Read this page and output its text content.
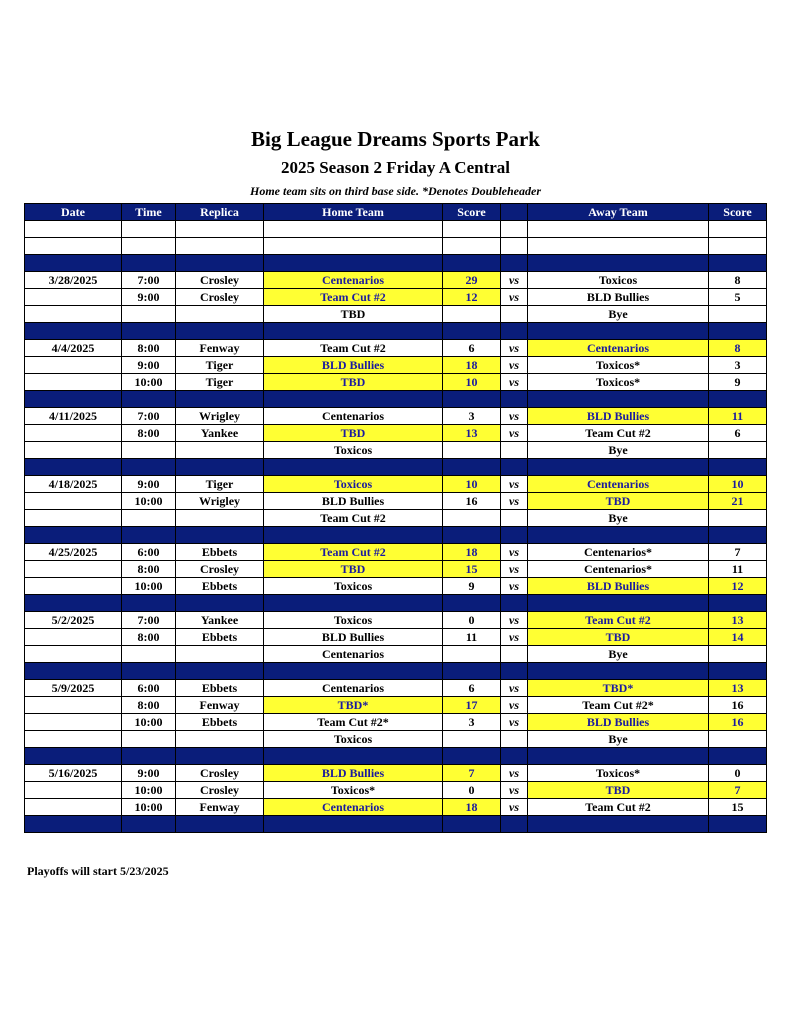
Big League Dreams Sports Park
2025 Season 2 Friday A Central
Home team sits on third base side. *Denotes Doubleheader
Date	Time	Replica	Home Team	Score		Away Team	Score

3/28/2025	7:00	Crosley	Centenarios	29	vs	Toxicos	8
	9:00	Crosley	Team Cut #2	12	vs	BLD Bullies	5
			TBD			Bye	

4/4/2025	8:00	Fenway	Team Cut #2	6	vs	Centenarios	8
	9:00	Tiger	BLD Bullies	18	vs	Toxicos*	3
	10:00	Tiger	TBD	10	vs	Toxicos*	9

4/11/2025	7:00	Wrigley	Centenarios	3	vs	BLD Bullies	11
	8:00	Yankee	TBD	13	vs	Team Cut #2	6
			Toxicos			Bye	

4/18/2025	9:00	Tiger	Toxicos	10	vs	Centenarios	10
	10:00	Wrigley	BLD Bullies	16	vs	TBD	21
			Team Cut #2			Bye	

4/25/2025	6:00	Ebbets	Team Cut #2	18	vs	Centenarios*	7
	8:00	Crosley	TBD	15	vs	Centenarios*	11
	10:00	Ebbets	Toxicos	9	vs	BLD Bullies	12

5/2/2025	7:00	Yankee	Toxicos	0	vs	Team Cut #2	13
	8:00	Ebbets	BLD Bullies	11	vs	TBD	14
			Centenarios			Bye	

5/9/2025	6:00	Ebbets	Centenarios	6	vs	TBD*	13
	8:00	Fenway	TBD*	17	vs	Team Cut #2*	16
	10:00	Ebbets	Team Cut #2*	3	vs	BLD Bullies	16
			Toxicos			Bye	

5/16/2025	9:00	Crosley	BLD Bullies	7	vs	Toxicos*	0
	10:00	Crosley	Toxicos*	0	vs	TBD	7
	10:00	Fenway	Centenarios	18	vs	Team Cut #2	15

Playoffs will start 5/23/2025
